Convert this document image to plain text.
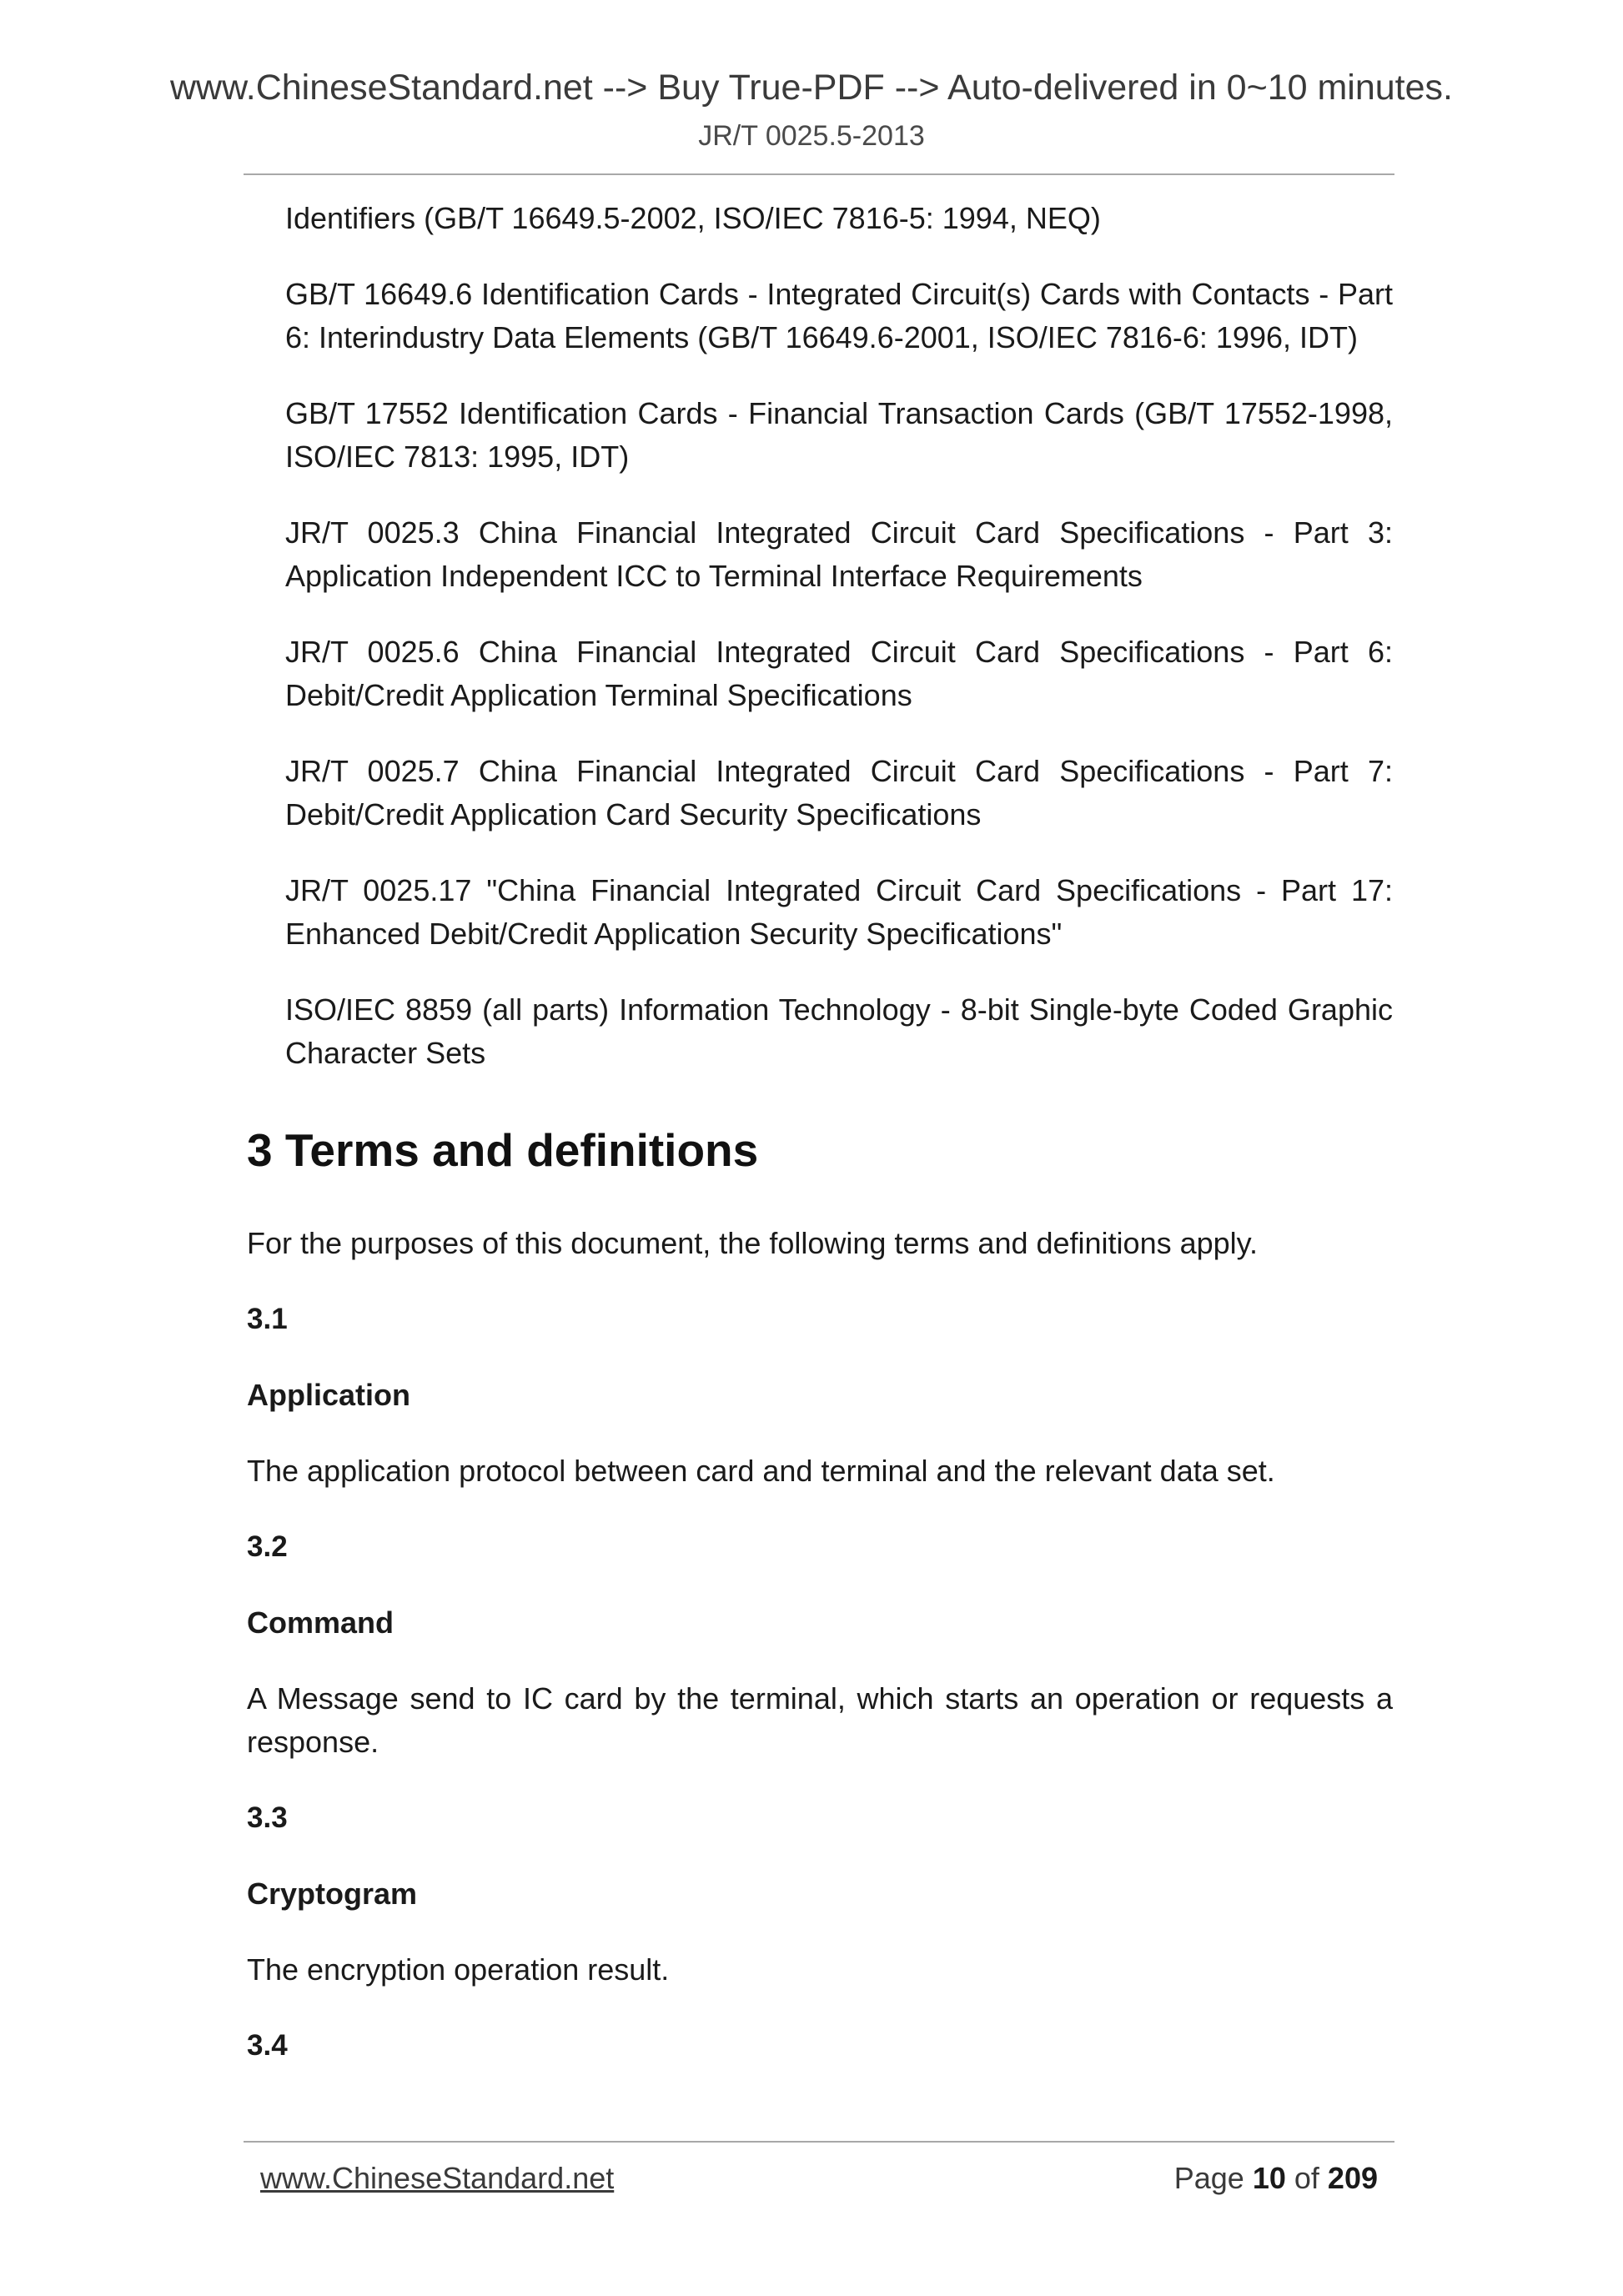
www.ChineseStandard.net --> Buy True-PDF --> Auto-delivered in 0~10 minutes.
JR/T 0025.5-2013

Identifiers (GB/T 16649.5-2002, ISO/IEC 7816-5: 1994, NEQ)

GB/T 16649.6 Identification Cards - Integrated Circuit(s) Cards with Contacts - Part 6: Interindustry Data Elements (GB/T 16649.6-2001, ISO/IEC 7816-6: 1996, IDT)

GB/T 17552 Identification Cards - Financial Transaction Cards (GB/T 17552-1998, ISO/IEC 7813: 1995, IDT)

JR/T 0025.3 China Financial Integrated Circuit Card Specifications - Part 3: Application Independent ICC to Terminal Interface Requirements

JR/T 0025.6 China Financial Integrated Circuit Card Specifications - Part 6: Debit/Credit Application Terminal Specifications

JR/T 0025.7 China Financial Integrated Circuit Card Specifications - Part 7: Debit/Credit Application Card Security Specifications

JR/T 0025.17 "China Financial Integrated Circuit Card Specifications - Part 17: Enhanced Debit/Credit Application Security Specifications"

ISO/IEC 8859 (all parts) Information Technology - 8-bit Single-byte Coded Graphic Character Sets

3 Terms and definitions

For the purposes of this document, the following terms and definitions apply.

3.1

Application

The application protocol between card and terminal and the relevant data set.

3.2

Command

A Message send to IC card by the terminal, which starts an operation or requests a response.

3.3

Cryptogram

The encryption operation result.

3.4

www.ChineseStandard.net	Page 10 of 209
